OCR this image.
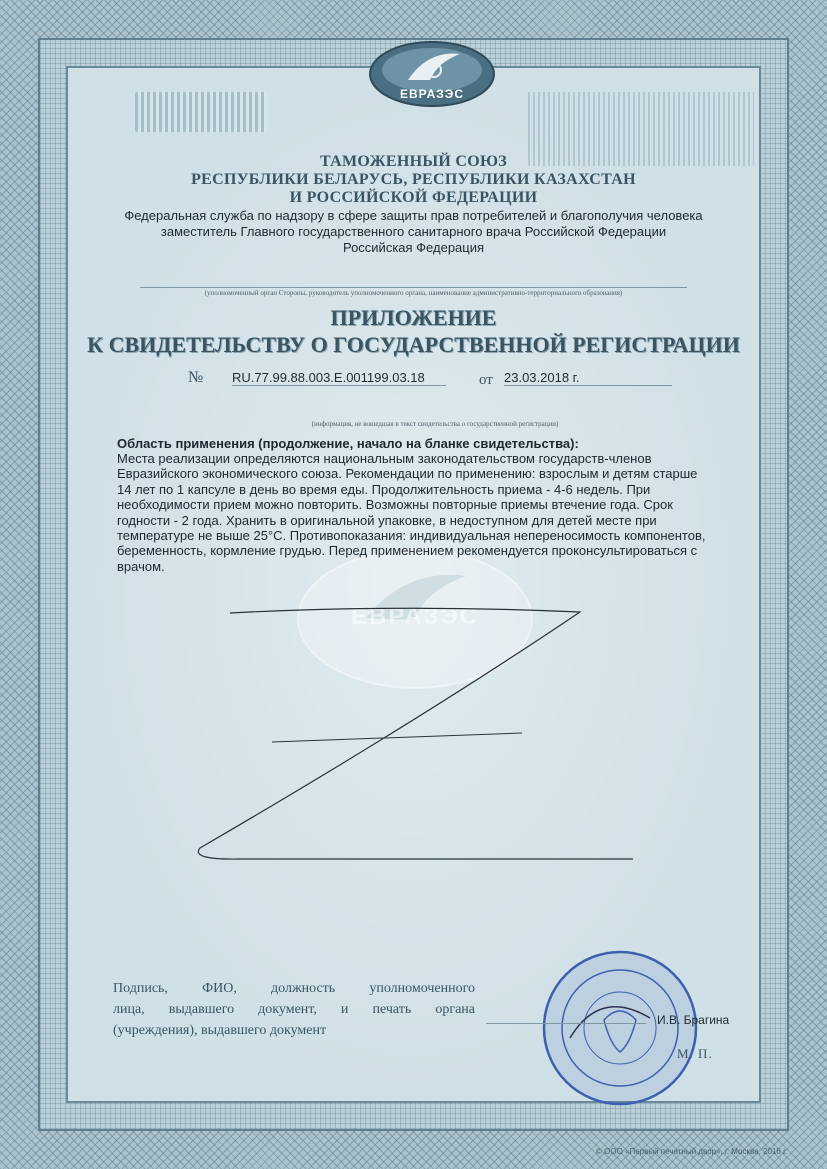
ЕВРАЗЭС
ТАМОЖЕННЫЙ СОЮЗ
РЕСПУБЛИКИ БЕЛАРУСЬ, РЕСПУБЛИКИ КАЗАХСТАН
И РОССИЙСКОЙ ФЕДЕРАЦИИ
Федеральная служба по надзору в сфере защиты прав потребителей и благополучия человека
заместитель Главного государственного санитарного врача Российской Федерации
Российская Федерация
(уполномоченный орган Стороны, руководитель уполномоченного органа, наименование административно-территориального образования)
ПРИЛОЖЕНИЕ
К СВИДЕТЕЛЬСТВУ О ГОСУДАРСТВЕННОЙ РЕГИСТРАЦИИ
№ RU.77.99.88.003.Е.001199.03.18	от 23.03.2018 г.
(информация, не вошедшая в текст свидетельства о государственной регистрации)
ЕВРАЗЭС
Область применения (продолжение, начало на бланке свидетельства):
Места реализации определяются национальным законодательством государств-членов
Евразийского экономического союза. Рекомендации по применению: взрослым и детям старше
14 лет по 1 капсуле в день во время еды. Продолжительность приема - 4-6 недель. При
необходимости прием можно повторить. Возможны повторные приемы втечение года. Срок
годности - 2 года. Хранить в оригинальной упаковке, в недоступном для детей месте при
температуре не выше 25°С. Противопоказания: индивидуальная непереносимость компонентов,
беременность, кормление грудью. Перед применением рекомендуется проконсультироваться с
врачом.
Подпись, ФИО, должность уполномоченного
лица, выдавшего документ, и печать органа
(учреждения), выдавшего документ
И.В. Брагина
М. П.
© ООО «Первый печатный двор», г. Москва, 2016 г.
